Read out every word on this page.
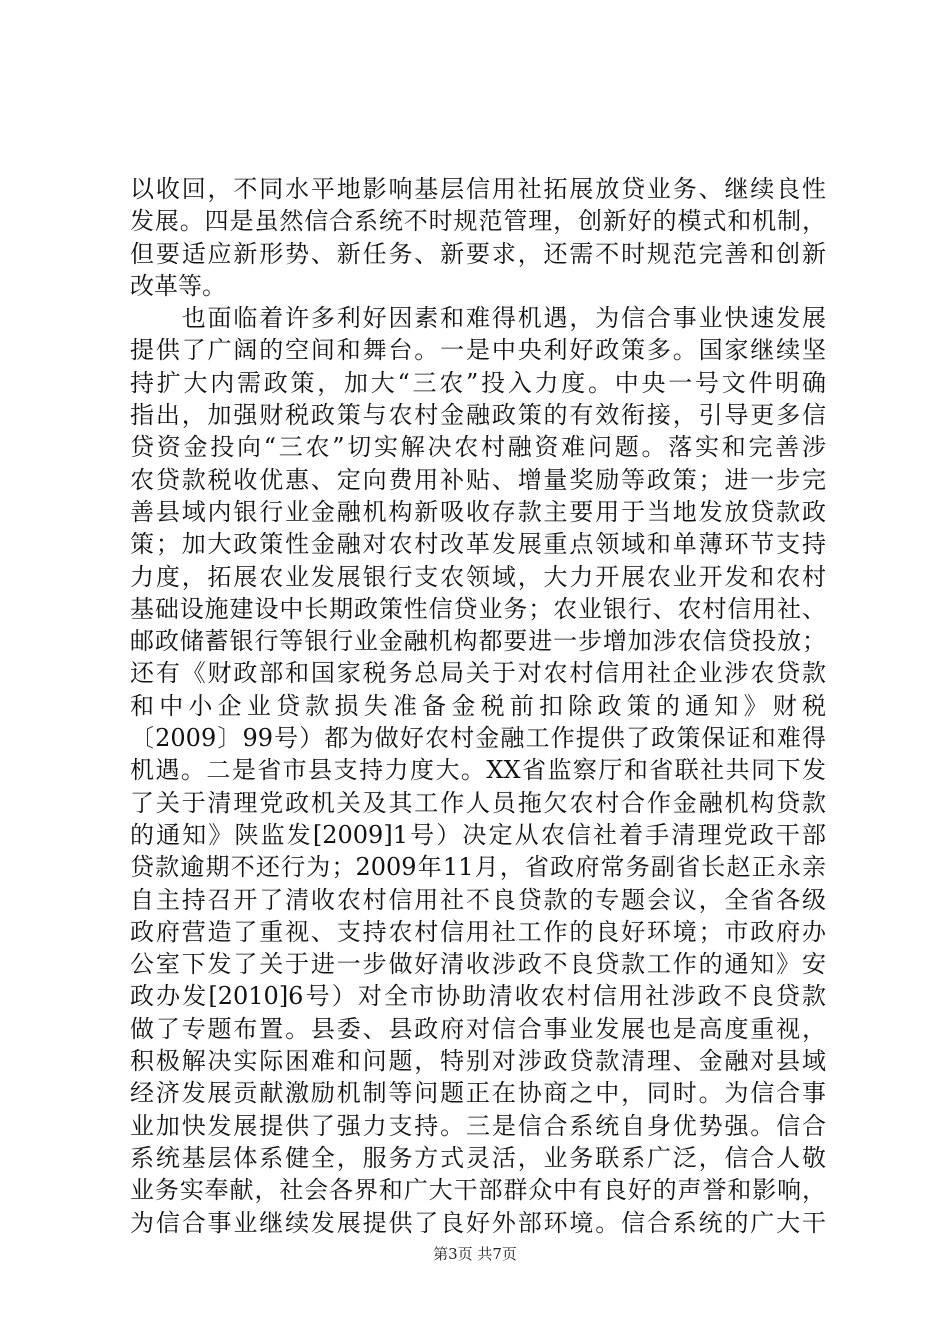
以收回，不同水平地影响基层信用社拓展放贷业务、继续良性
发展。四是虽然信合系统不时规范管理，创新好的模式和机制，
但要适应新形势、新任务、新要求，还需不时规范完善和创新
改革等。
　　也面临着许多利好因素和难得机遇，为信合事业快速发展
提供了广阔的空间和舞台。一是中央利好政策多。国家继续坚
持扩大内需政策，加大“三农”投入力度。中央一号文件明确
指出，加强财税政策与农村金融政策的有效衔接，引导更多信
贷资金投向“三农”切实解决农村融资难问题。落实和完善涉
农贷款税收优惠、定向费用补贴、增量奖励等政策；进一步完
善县域内银行业金融机构新吸收存款主要用于当地发放贷款政
策；加大政策性金融对农村改革发展重点领域和单薄环节支持
力度，拓展农业发展银行支农领域，大力开展农业开发和农村
基础设施建设中长期政策性信贷业务；农业银行、农村信用社、
邮政储蓄银行等银行业金融机构都要进一步增加涉农信贷投放；
还有《财政部和国家税务总局关于对农村信用社企业涉农贷款
和中小企业贷款损失准备金税前扣除政策的通知》财税
〔2009〕99号）都为做好农村金融工作提供了政策保证和难得
机遇。二是省市县支持力度大。XX省监察厅和省联社共同下发
了关于清理党政机关及其工作人员拖欠农村合作金融机构贷款
的通知》陕监发[2009]1号）决定从农信社着手清理党政干部
贷款逾期不还行为；2009年11月，省政府常务副省长赵正永亲
自主持召开了清收农村信用社不良贷款的专题会议，全省各级
政府营造了重视、支持农村信用社工作的良好环境；市政府办
公室下发了关于进一步做好清收涉政不良贷款工作的通知》安
政办发[2010]6号）对全市协助清收农村信用社涉政不良贷款
做了专题布置。县委、县政府对信合事业发展也是高度重视，
积极解决实际困难和问题，特别对涉政贷款清理、金融对县域
经济发展贡献激励机制等问题正在协商之中，同时。为信合事
业加快发展提供了强力支持。三是信合系统自身优势强。信合
系统基层体系健全，服务方式灵活，业务联系广泛，信合人敬
业务实奉献，社会各界和广大干部群众中有良好的声誉和影响，
为信合事业继续发展提供了良好外部环境。信合系统的广大干
第3页 共7页
